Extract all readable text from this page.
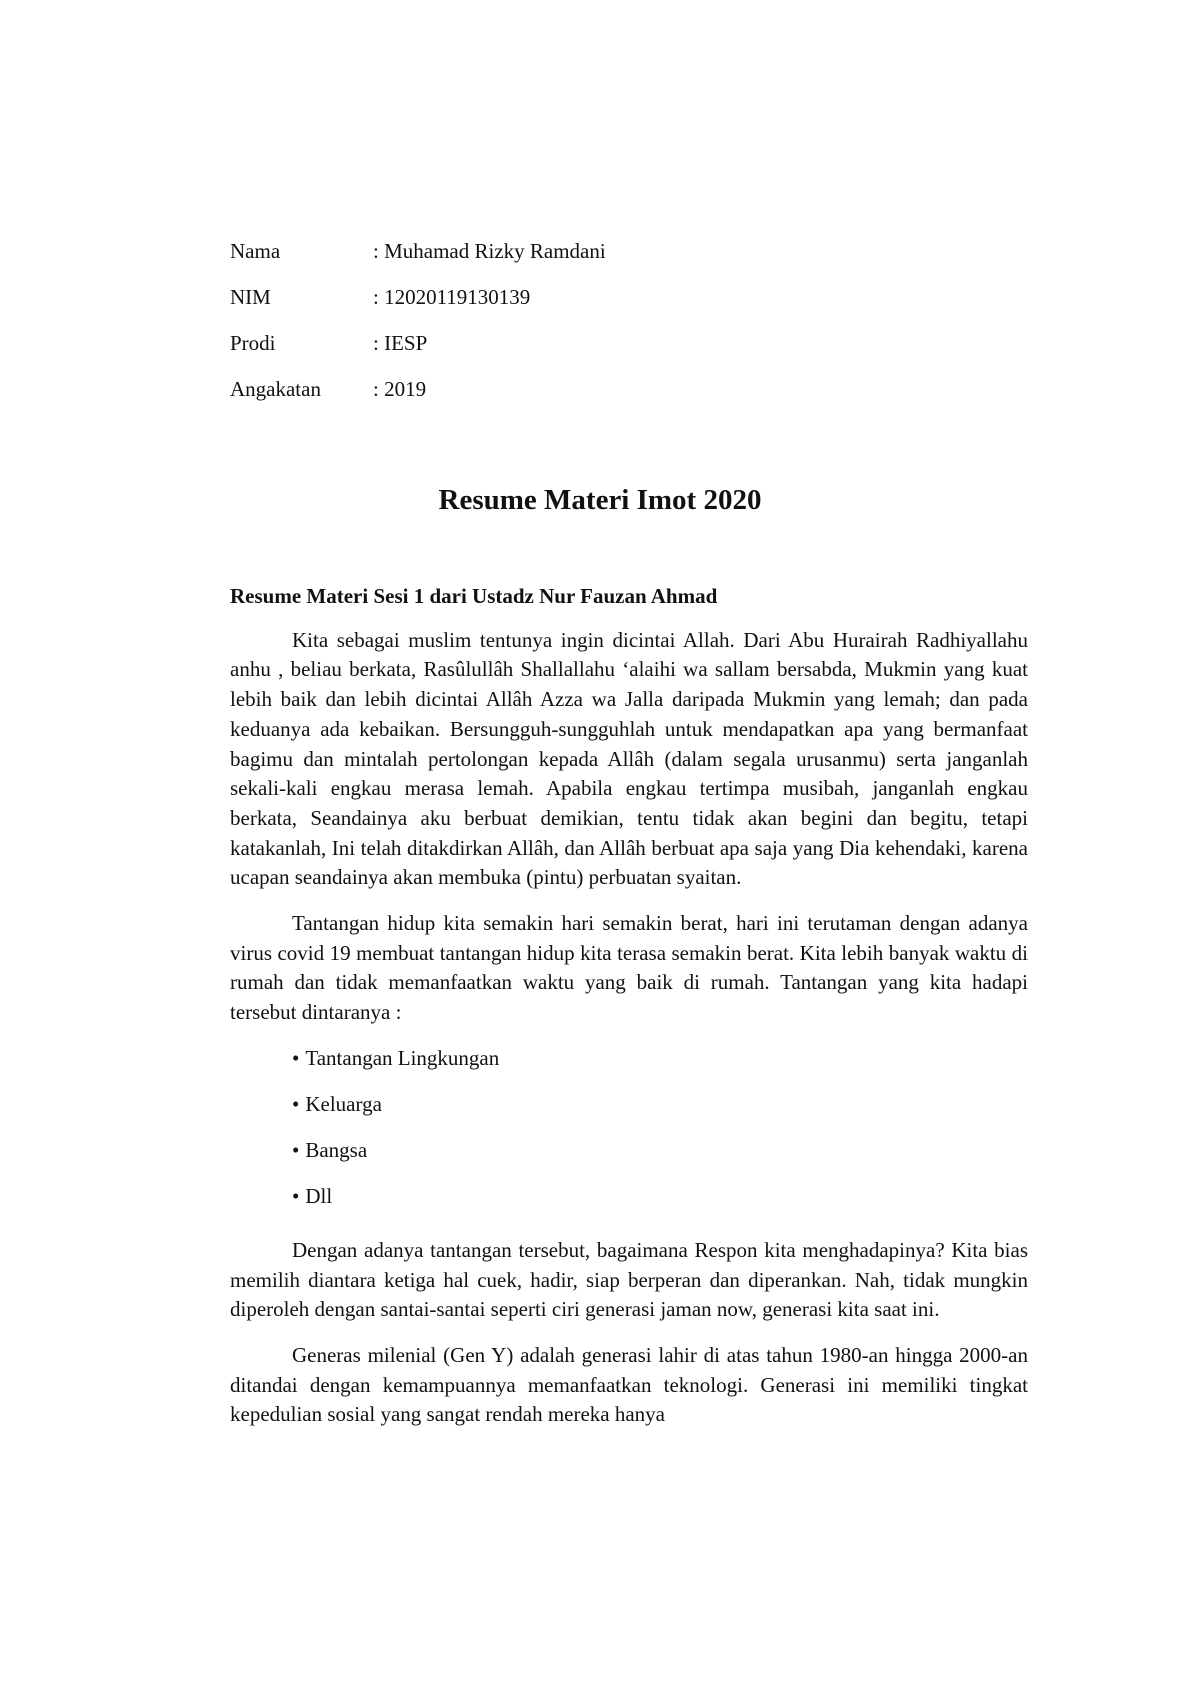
Nama	: Muhamad Rizky Ramdani
NIM	: 12020119130139
Prodi	: IESP
Angakatan	: 2019
Resume Materi Imot 2020

Resume Materi Sesi 1 dari Ustadz Nur Fauzan Ahmad

Kita sebagai muslim tentunya ingin dicintai Allah. Dari Abu Hurairah Radhiyallahu anhu , beliau berkata, Rasûlullâh Shallallahu ‘alaihi wa sallam bersabda, Mukmin yang kuat lebih baik dan lebih dicintai Allâh Azza wa Jalla daripada Mukmin yang lemah; dan pada keduanya ada kebaikan. Bersungguh-sungguhlah untuk mendapatkan apa yang bermanfaat bagimu dan mintalah pertolongan kepada Allâh (dalam segala urusanmu) serta janganlah sekali-kali engkau merasa lemah. Apabila engkau tertimpa musibah, janganlah engkau berkata, Seandainya aku berbuat demikian, tentu tidak akan begini dan begitu, tetapi katakanlah, Ini telah ditakdirkan Allâh, dan Allâh berbuat apa saja yang Dia kehendaki, karena ucapan seandainya akan membuka (pintu) perbuatan syaitan.

Tantangan hidup kita semakin hari semakin berat, hari ini terutaman dengan adanya virus covid 19 membuat tantangan hidup kita terasa semakin berat. Kita lebih banyak waktu di rumah dan tidak memanfaatkan waktu yang baik di rumah. Tantangan yang kita hadapi tersebut dintaranya :

• Tantangan Lingkungan
• Keluarga
• Bangsa
• Dll

Dengan adanya tantangan tersebut, bagaimana Respon kita menghadapinya? Kita bias memilih diantara ketiga hal cuek, hadir, siap berperan dan diperankan. Nah, tidak mungkin diperoleh dengan santai-santai seperti ciri generasi jaman now, generasi kita saat ini.

Generas milenial (Gen Y) adalah generasi lahir di atas tahun 1980-an hingga 2000-an ditandai dengan kemampuannya memanfaatkan teknologi. Generasi ini memiliki tingkat kepedulian sosial yang sangat rendah mereka hanya
